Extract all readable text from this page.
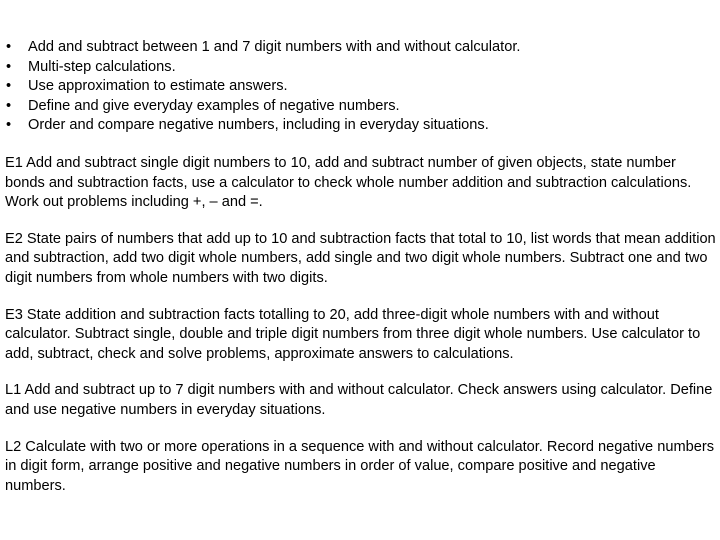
• Add and subtract between 1 and 7 digit numbers with and without calculator.
• Multi-step calculations.
• Use approximation to estimate answers.
• Define and give everyday examples of negative numbers.
• Order and compare negative numbers, including in everyday situations.

E1 Add and subtract single digit numbers to 10, add and subtract number of given objects, state number bonds and subtraction facts, use a calculator to check whole number addition and subtraction calculations. Work out problems including +, – and =.

E2 State pairs of numbers that add up to 10 and subtraction facts that total to 10, list words that mean addition and subtraction, add two digit whole numbers, add single and two digit whole numbers. Subtract one and two digit numbers from whole numbers with two digits.

E3 State addition and subtraction facts totalling to 20, add three-digit whole numbers with and without calculator. Subtract single, double and triple digit numbers from three digit whole numbers. Use calculator to add, subtract, check and solve problems, approximate answers to calculations.

L1 Add and subtract up to 7 digit numbers with and without calculator. Check answers using calculator. Define and use negative numbers in everyday situations.

L2 Calculate with two or more operations in a sequence with and without calculator. Record negative numbers in digit form, arrange positive and negative numbers in order of value, compare positive and negative numbers.
